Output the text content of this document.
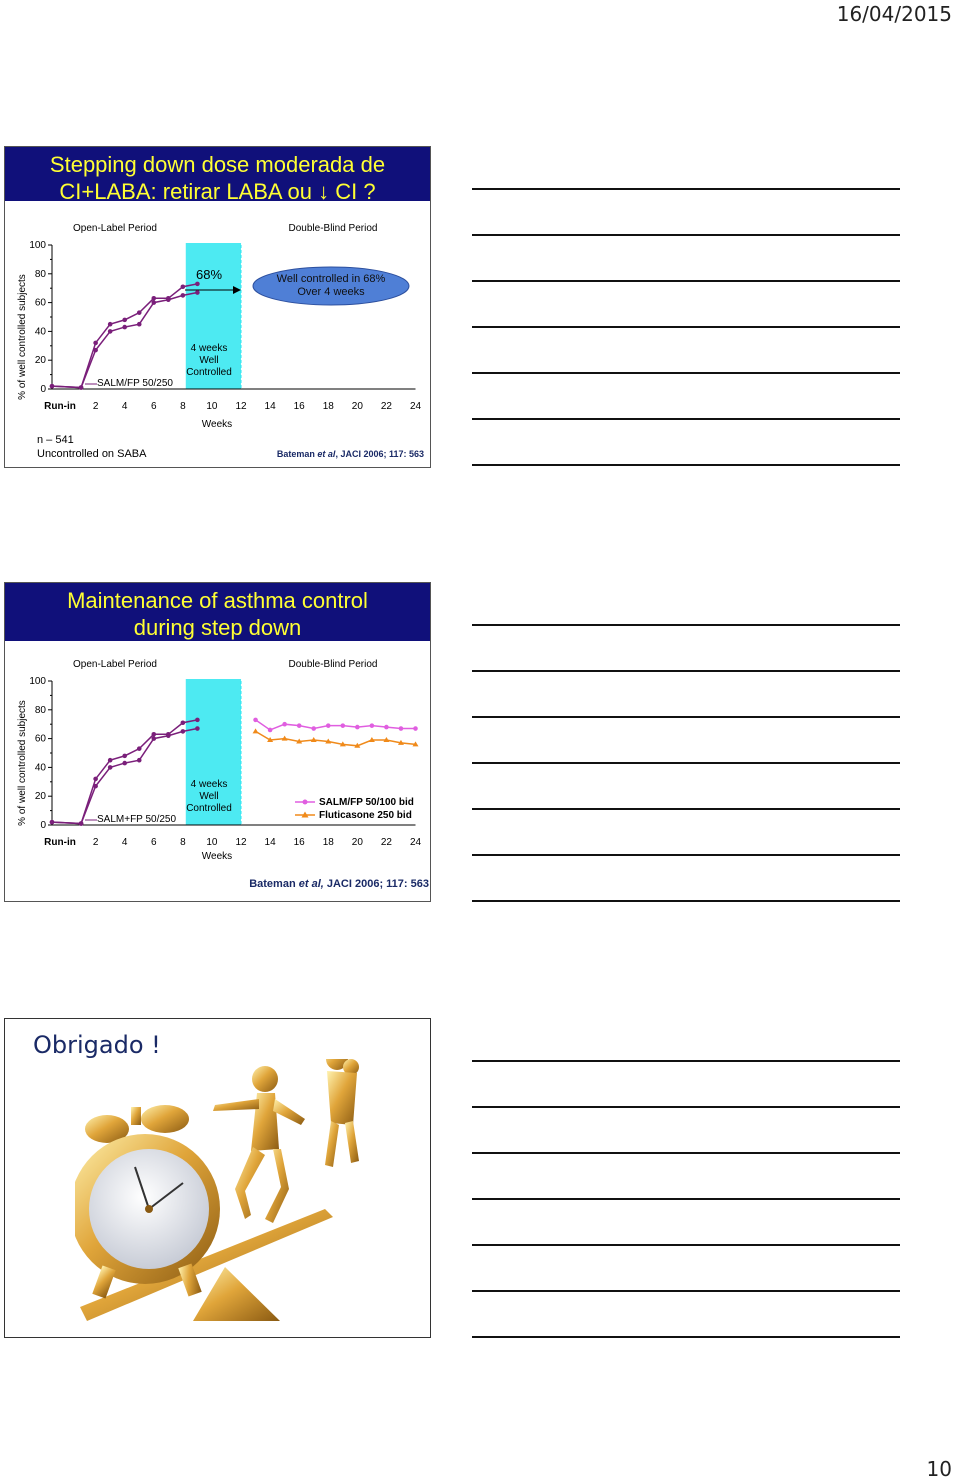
16/04/2015
Stepping down dose moderada de
CI+LABA: retirar LABA ou ↓ CI ?
Open-Label Period	Double-Blind Period
0
20
40
60
80
100
Run-in 2 4 6 8 10 12 14 16 18 20 22 24
% of well controlled subjects	68%
4 weeks
Well
Controlled
SALM/FP 50/250
Well controlled in 68%
Over 4 weeks
Weeks
n – 541
Uncontrolled on SABA	Bateman et al, JACI 2006; 117: 563
Maintenance of asthma control
during step down
Open-Label Period	Double-Blind Period
0
20
40
60
80
100
Run-in 2 4 6 8 10 12 14 16 18 20 22 24
% of well controlled subjects	4 weeks
Well
Controlled
SALM+FP 50/250
SALM/FP 50/100 bid
Fluticasone 250 bid
Weeks
Bateman et al, JACI 2006; 117: 563
Obrigado !
10
